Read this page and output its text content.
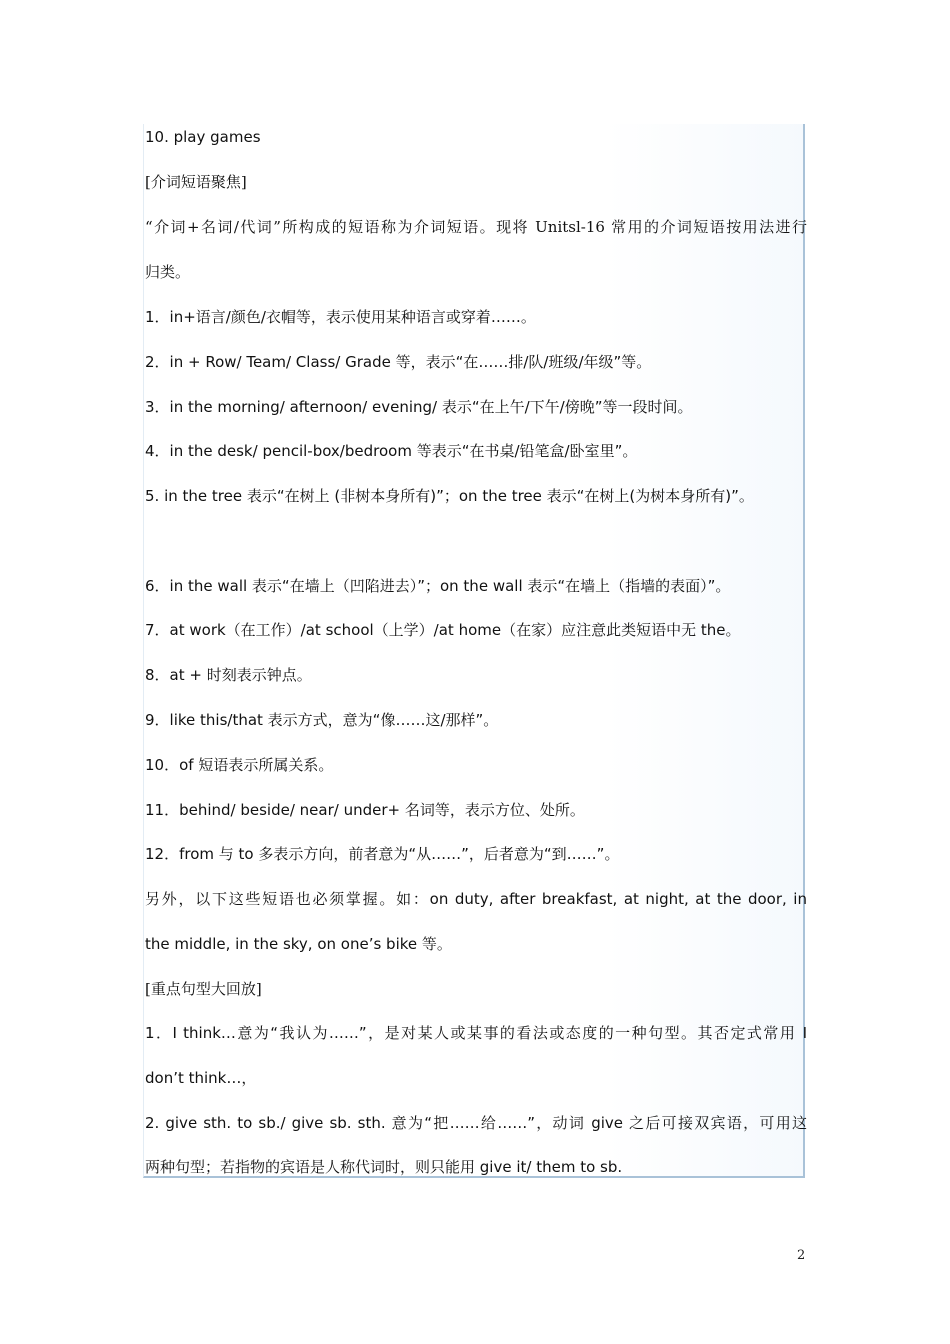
10. play games
[介词短语聚焦]
“介词+名词/代词”所构成的短语称为介词短语。现将 Unitsl-16 常用的介词短语按用法进行
归类。
1．in+语言/颜色/衣帽等，表示使用某种语言或穿着……。
2．in + Row/ Team/ Class/ Grade 等，表示“在……排/队/班级/年级”等。
3．in the morning/ afternoon/ evening/ 表示“在上午/下午/傍晚”等一段时间。
4．in the desk/ pencil-box/bedroom 等表示“在书桌/铅笔盒/卧室里”。
5. in the tree 表示“在树上 (非树本身所有)”；on the tree 表示“在树上(为树本身所有)”。
6．in the wall 表示“在墙上（凹陷进去）”；on the wall 表示“在墙上（指墙的表面）”。
7．at work（在工作）/at school（上学）/at home（在家）应注意此类短语中无 the。
8．at + 时刻表示钟点。
9．like this/that 表示方式，意为“像……这/那样”。
10．of 短语表示所属关系。
11．behind/ beside/ near/ under+ 名词等，表示方位、处所。
12．from 与 to 多表示方向，前者意为“从……”，后者意为“到……”。
另外，以下这些短语也必须掌握。如：on duty, after breakfast, at night, at the door, in
the middle, in the sky, on one’s bike 等。
[重点句型大回放]
1．I think…意为“我认为……”，是对某人或某事的看法或态度的一种句型。其否定式常用 I
don’t think…，
2. give sth. to sb./ give sb. sth. 意为“把……给……”，动词 give 之后可接双宾语，可用这
两种句型；若指物的宾语是人称代词时，则只能用 give it/ them to sb.
2
